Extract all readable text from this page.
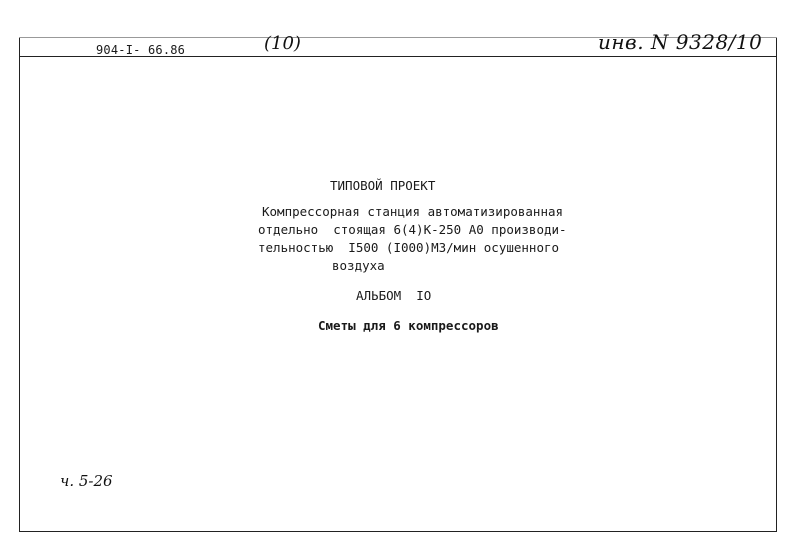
904-I- 66.86	(10)	инв. N 9328/10
ТИПОВОЙ ПРОЕКТ
Компрессорная станция автоматизированная
отдельно  стоящая 6(4)К-250 А0 производи-
тельностью  I500 (I000)М3/мин осушенного
воздуха
АЛЬБОМ  IO
Сметы для 6 компрессоров
ч. 5-26
